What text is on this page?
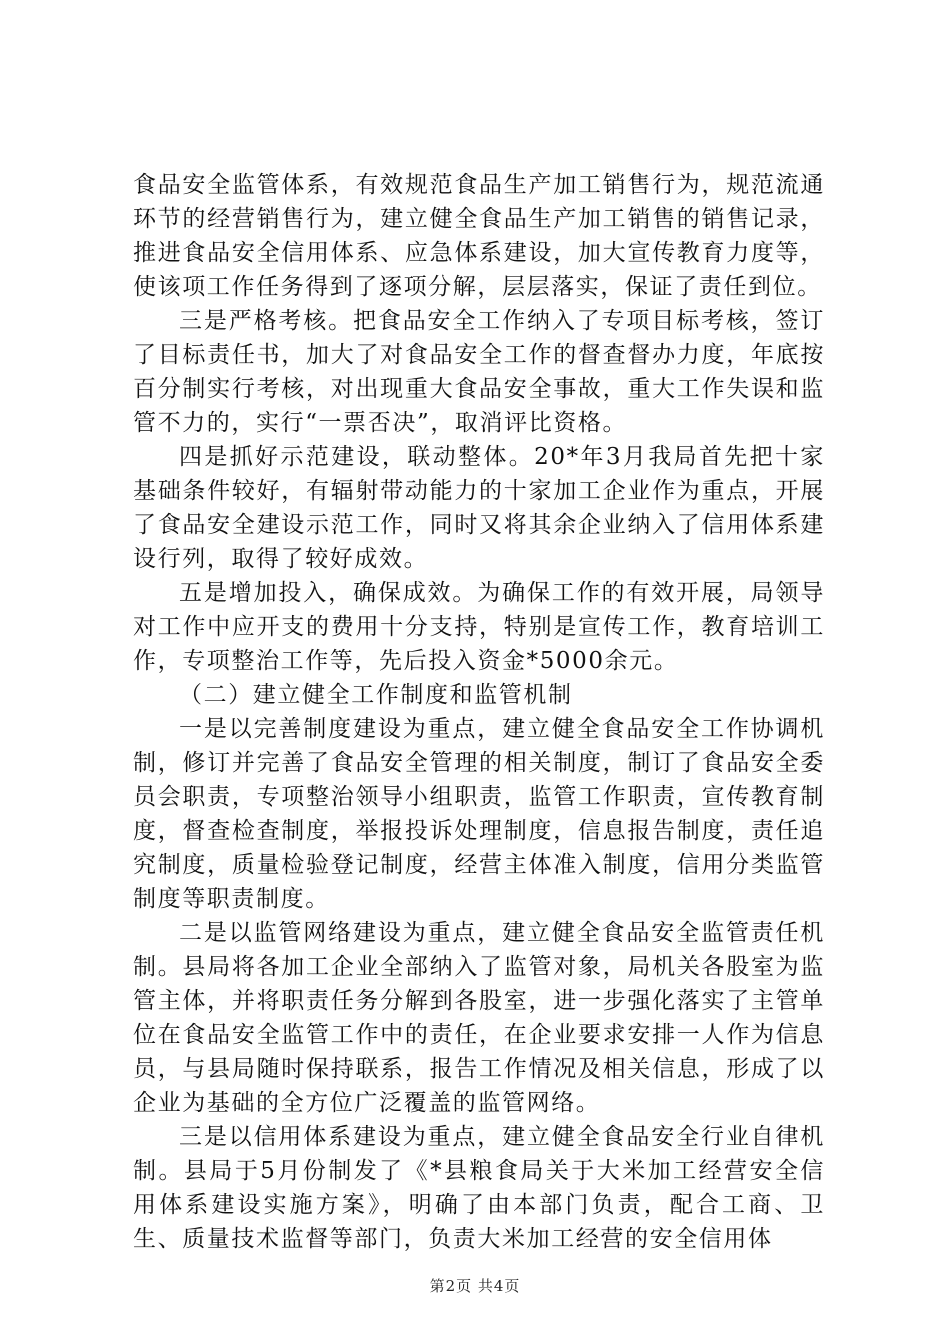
食品安全监管体系，有效规范食品生产加工销售行为，规范流通环节的经营销售行为，建立健全食品生产加工销售的销售记录，推进食品安全信用体系、应急体系建设，加大宣传教育力度等，使该项工作任务得到了逐项分解，层层落实，保证了责任到位。

三是严格考核。把食品安全工作纳入了专项目标考核，签订了目标责任书，加大了对食品安全工作的督查督办力度，年底按百分制实行考核，对出现重大食品安全事故，重大工作失误和监管不力的，实行“一票否决”，取消评比资格。

四是抓好示范建设，联动整体。20*年3月我局首先把十家基础条件较好，有辐射带动能力的十家加工企业作为重点，开展了食品安全建设示范工作，同时又将其余企业纳入了信用体系建设行列，取得了较好成效。

五是增加投入，确保成效。为确保工作的有效开展，局领导对工作中应开支的费用十分支持，特别是宣传工作，教育培训工作，专项整治工作等，先后投入资金*5000余元。

（二）建立健全工作制度和监管机制

一是以完善制度建设为重点，建立健全食品安全工作协调机制，修订并完善了食品安全管理的相关制度，制订了食品安全委员会职责，专项整治领导小组职责，监管工作职责，宣传教育制度，督查检查制度，举报投诉处理制度，信息报告制度，责任追究制度，质量检验登记制度，经营主体准入制度，信用分类监管制度等职责制度。

二是以监管网络建设为重点，建立健全食品安全监管责任机制。县局将各加工企业全部纳入了监管对象，局机关各股室为监管主体，并将职责任务分解到各股室，进一步强化落实了主管单位在食品安全监管工作中的责任，在企业要求安排一人作为信息员，与县局随时保持联系，报告工作情况及相关信息，形成了以企业为基础的全方位广泛覆盖的监管网络。

三是以信用体系建设为重点，建立健全食品安全行业自律机制。县局于5月份制发了《*县粮食局关于大米加工经营安全信用体系建设实施方案》，明确了由本部门负责，配合工商、卫生、质量技术监督等部门，负责大米加工经营的安全信用体

第2页 共4页
